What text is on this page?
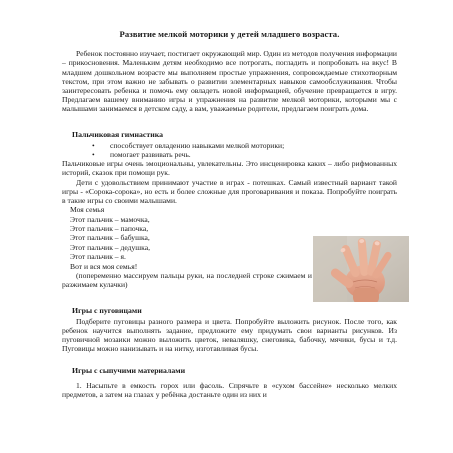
Развитие мелкой моторики у детей младшего возраста.

Ребенок постоянно изучает, постигает окружающий мир. Один из методов получения информации – прикосновения. Маленьким детям необходимо все потрогать, погладить и попробовать на вкус! В младшем дошкольном возрасте мы выполняем простые упражнения, сопровождаемые стихотворным текстом, при этом важно не забывать о развитии элементарных навыков самообслуживания. Чтобы заинтересовать ребенка и помочь ему овладеть новой информацией, обучение превращается в игру. Предлагаем вашему вниманию игры и упражнения на развитие мелкой моторики, которыми мы с малышами занимаемся в детском саду, а вам, уважаемые родители, предлагаем поиграть дома.

Пальчиковая гимнастика
• способствует овладению навыками мелкой моторики;
• помогает развивать речь.

Пальчиковые игры очень эмоциональны, увлекательны. Это инсценировка каких – либо рифмованных историй, сказок при помощи рук.

Дети с удовольствием принимают участие в играх - потешках. Самый известный вариант такой игры - «Сорока-сорока», но есть и более сложные для проговаривания и показа. Попробуйте поиграть в такие игры со своими малышами.

Моя семья
Этот пальчик – мамочка,
Этот пальчик – папочка,
Этот пальчик – бабушка,
Этот пальчик – дедушка,
Этот пальчик – я.
Вот и вся моя семья!

(попеременно массируем пальцы руки, на последней строке сжимаем и разжимаем кулачки)

Игры с пуговицами

Подберите пуговицы разного размера и цвета. Попробуйте выложить рисунок. После того, как ребенок научится выполнять задание, предложите ему придумать свои варианты рисунков. Из пуговичной мозаики можно выложить цветок, неваляшку, снеговика, бабочку, мячики, бусы и т.д. Пуговицы можно нанизывать и на нитку, изготавливая бусы.

Игры с сыпучими материалами

1. Насыпьте в емкость горох или фасоль. Спрячьте в «сухом бассейне» несколько мелких предметов, а затем на глазах у ребёнка достаньте один из них и
